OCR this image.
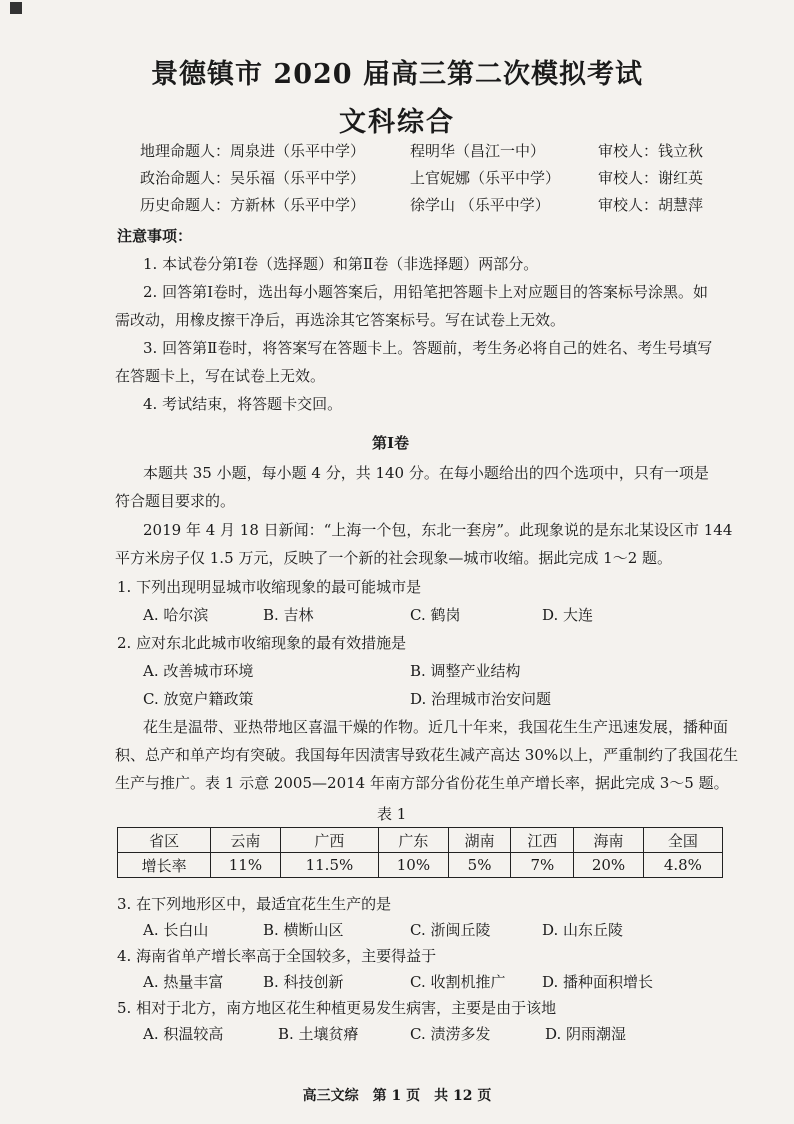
景德镇市 2020 届高三第二次模拟考试
文科综合
地理命题人：周泉进（乐平中学）	程明华（昌江一中）	审校人：钱立秋
政治命题人：吴乐福（乐平中学）	上官妮娜（乐平中学）	审校人：谢红英
历史命题人：方新林（乐平中学）	徐学山 （乐平中学）	审校人：胡慧萍
注意事项：
1. 本试卷分第Ⅰ卷（选择题）和第Ⅱ卷（非选择题）两部分。
2. 回答第Ⅰ卷时，选出每小题答案后，用铅笔把答题卡上对应题目的答案标号涂黑。如
需改动，用橡皮擦干净后，再选涂其它答案标号。写在试卷上无效。
3. 回答第Ⅱ卷时，将答案写在答题卡上。答题前，考生务必将自己的姓名、考生号填写
在答题卡上，写在试卷上无效。
4. 考试结束，将答题卡交回。
第Ⅰ卷
本题共 35 小题，每小题 4 分，共 140 分。在每小题给出的四个选项中，只有一项是
符合题目要求的。
2019 年 4 月 18 日新闻：“上海一个包，东北一套房”。此现象说的是东北某设区市 144
平方米房子仅 1.5 万元，反映了一个新的社会现象—城市收缩。据此完成 1～2 题。
1. 下列出现明显城市收缩现象的最可能城市是
A. 哈尔滨	B. 吉林	C. 鹤岗	D. 大连
2. 应对东北此城市收缩现象的最有效措施是
A. 改善城市环境	B. 调整产业结构
C. 放宽户籍政策	D. 治理城市治安问题
花生是温带、亚热带地区喜温干燥的作物。近几十年来，我国花生生产迅速发展，播种面
积、总产和单产均有突破。我国每年因渍害导致花生减产高达 30%以上，严重制约了我国花生
生产与推广。表 1 示意 2005—2014 年南方部分省份花生单产增长率，据此完成 3～5 题。
表 1
省区	云南	广西	广东	湖南	江西	海南	全国
增长率	11%	11.5%	10%	5%	7%	20%	4.8%
3. 在下列地形区中，最适宜花生生产的是
A. 长白山	B. 横断山区	C. 浙闽丘陵	D. 山东丘陵
4. 海南省单产增长率高于全国较多，主要得益于
A. 热量丰富	B. 科技创新	C. 收割机推广 D. 播种面积增长
5. 相对于北方，南方地区花生种植更易发生病害，主要是由于该地
A. 积温较高	B. 土壤贫瘠	C. 渍涝多发	D. 阴雨潮湿
高三文综　第 1 页　共 12 页
